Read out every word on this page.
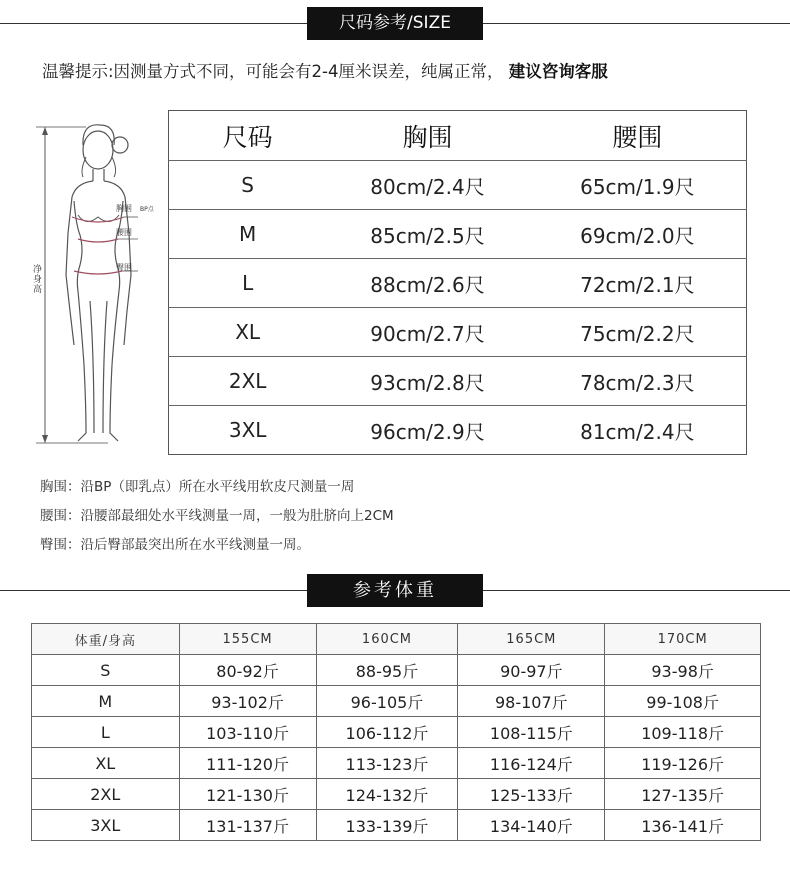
尺码参考/SIZE
温馨提示:因测量方式不同，可能会有2-4厘米误差，纯属正常， 建议咨询客服
净身高
胸围 BP点
腰围
臀围
尺码	胸围	腰围
S	80cm/2.4尺	65cm/1.9尺
M	85cm/2.5尺	69cm/2.0尺
L	88cm/2.6尺	72cm/2.1尺
XL	90cm/2.7尺	75cm/2.2尺
2XL	93cm/2.8尺	78cm/2.3尺
3XL	96cm/2.9尺	81cm/2.4尺
胸围：沿BP（即乳点）所在水平线用软皮尺测量一周
腰围：沿腰部最细处水平线测量一周，一般为肚脐向上2CM
臀围：沿后臀部最突出所在水平线测量一周。
参考体重
体重/身高	155CM	160CM	165CM	170CM
S	80-92斤	88-95斤	90-97斤	93-98斤
M	93-102斤	96-105斤	98-107斤	99-108斤
L	103-110斤	106-112斤	108-115斤	109-118斤
XL	111-120斤	113-123斤	116-124斤	119-126斤
2XL	121-130斤	124-132斤	125-133斤	127-135斤
3XL	131-137斤	133-139斤	134-140斤	136-141斤
